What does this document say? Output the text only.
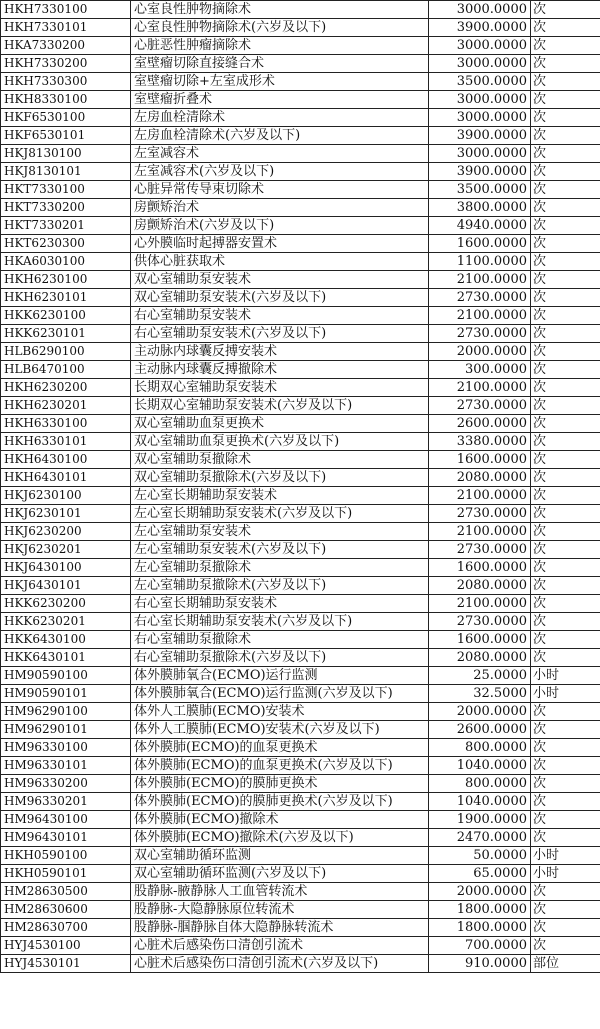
HKH7330100	心室良性肿物摘除术	3000.0000	次
HKH7330101	心室良性肿物摘除术(六岁及以下)	3900.0000	次
HKA7330200	心脏恶性肿瘤摘除术	3000.0000	次
HKH7330200	室壁瘤切除直接缝合术	3000.0000	次
HKH7330300	室壁瘤切除+左室成形术	3500.0000	次
HKH8330100	室壁瘤折叠术	3000.0000	次
HKF6530100	左房血栓清除术	3000.0000	次
HKF6530101	左房血栓清除术(六岁及以下)	3900.0000	次
HKJ8130100	左室减容术	3000.0000	次
HKJ8130101	左室减容术(六岁及以下)	3900.0000	次
HKT7330100	心脏异常传导束切除术	3500.0000	次
HKT7330200	房颤矫治术	3800.0000	次
HKT7330201	房颤矫治术(六岁及以下)	4940.0000	次
HKT6230300	心外膜临时起搏器安置术	1600.0000	次
HKA6030100	供体心脏获取术	1100.0000	次
HKH6230100	双心室辅助泵安装术	2100.0000	次
HKH6230101	双心室辅助泵安装术(六岁及以下)	2730.0000	次
HKK6230100	右心室辅助泵安装术	2100.0000	次
HKK6230101	右心室辅助泵安装术(六岁及以下)	2730.0000	次
HLB6290100	主动脉内球囊反搏安装术	2000.0000	次
HLB6470100	主动脉内球囊反搏撤除术	300.0000	次
HKH6230200	长期双心室辅助泵安装术	2100.0000	次
HKH6230201	长期双心室辅助泵安装术(六岁及以下)	2730.0000	次
HKH6330100	双心室辅助血泵更换术	2600.0000	次
HKH6330101	双心室辅助血泵更换术(六岁及以下)	3380.0000	次
HKH6430100	双心室辅助泵撤除术	1600.0000	次
HKH6430101	双心室辅助泵撤除术(六岁及以下)	2080.0000	次
HKJ6230100	左心室长期辅助泵安装术	2100.0000	次
HKJ6230101	左心室长期辅助泵安装术(六岁及以下)	2730.0000	次
HKJ6230200	左心室辅助泵安装术	2100.0000	次
HKJ6230201	左心室辅助泵安装术(六岁及以下)	2730.0000	次
HKJ6430100	左心室辅助泵撤除术	1600.0000	次
HKJ6430101	左心室辅助泵撤除术(六岁及以下)	2080.0000	次
HKK6230200	右心室长期辅助泵安装术	2100.0000	次
HKK6230201	右心室长期辅助泵安装术(六岁及以下)	2730.0000	次
HKK6430100	右心室辅助泵撤除术	1600.0000	次
HKK6430101	右心室辅助泵撤除术(六岁及以下)	2080.0000	次
HM90590100	体外膜肺氧合(ECMO)运行监测	25.0000	小时
HM90590101	体外膜肺氧合(ECMO)运行监测(六岁及以下)	32.5000	小时
HM96290100	体外人工膜肺(ECMO)安装术	2000.0000	次
HM96290101	体外人工膜肺(ECMO)安装术(六岁及以下)	2600.0000	次
HM96330100	体外膜肺(ECMO)的血泵更换术	800.0000	次
HM96330101	体外膜肺(ECMO)的血泵更换术(六岁及以下)	1040.0000	次
HM96330200	体外膜肺(ECMO)的膜肺更换术	800.0000	次
HM96330201	体外膜肺(ECMO)的膜肺更换术(六岁及以下)	1040.0000	次
HM96430100	体外膜肺(ECMO)撤除术	1900.0000	次
HM96430101	体外膜肺(ECMO)撤除术(六岁及以下)	2470.0000	次
HKH0590100	双心室辅助循环监测	50.0000	小时
HKH0590101	双心室辅助循环监测(六岁及以下)	65.0000	小时
HM28630500	股静脉-腋静脉人工血管转流术	2000.0000	次
HM28630600	股静脉-大隐静脉原位转流术	1800.0000	次
HM28630700	股静脉-腘静脉自体大隐静脉转流术	1800.0000	次
HYJ4530100	心脏术后感染伤口清创引流术	700.0000	次
HYJ4530101	心脏术后感染伤口清创引流术(六岁及以下)	910.0000	部位
